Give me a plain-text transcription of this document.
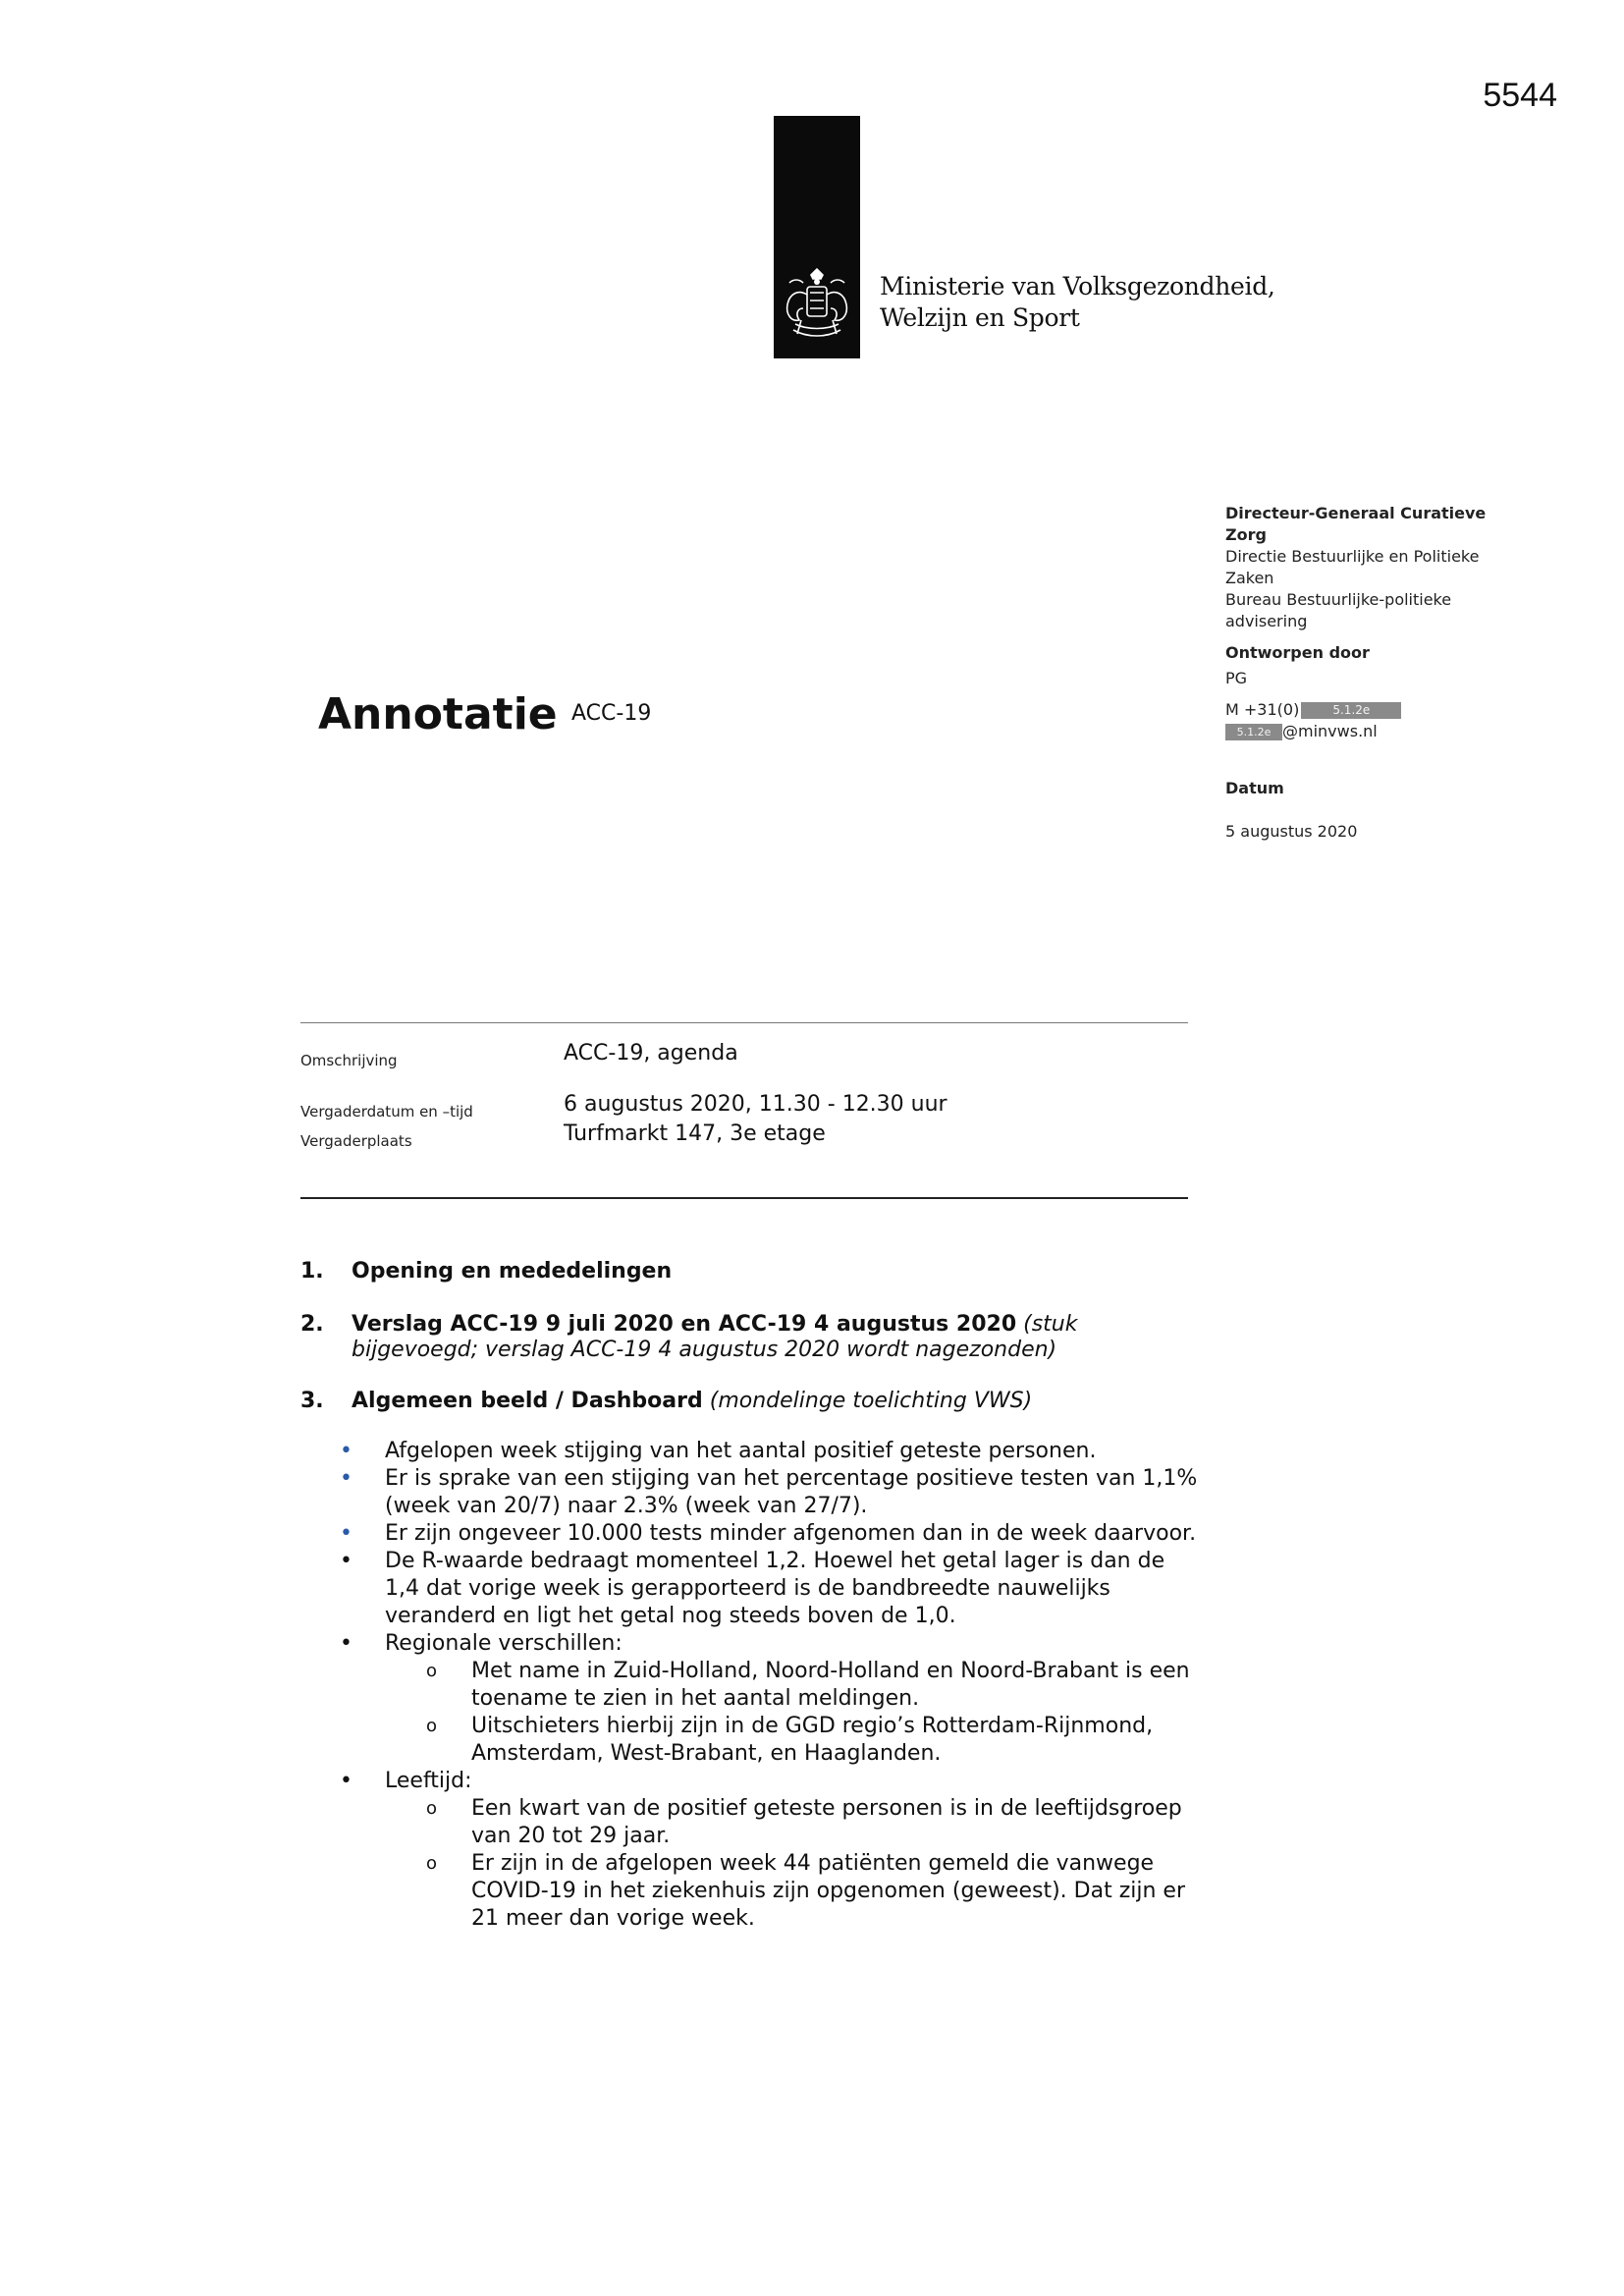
5544
Ministerie van Volksgezondheid,
Welzijn en Sport
Directeur-Generaal Curatieve
Zorg
Directie Bestuurlijke en Politieke
Zaken
Bureau Bestuurlijke-politieke
advisering
Ontworpen door
PG
M +31(0)	5.1.2e
5.1.2e @minvws.nl
Datum
5 augustus 2020
Annotatie ACC-19
Omschrijving	ACC-19, agenda
Vergaderdatum en –tijd	6 augustus 2020, 11.30 - 12.30 uur
Vergaderplaats	Turfmarkt 147, 3e etage
1. Opening en mededelingen
2. Verslag ACC-19 9 juli 2020 en ACC-19 4 augustus 2020 (stuk bijgevoegd; verslag ACC-19 4 augustus 2020 wordt nagezonden)
3. Algemeen beeld / Dashboard (mondelinge toelichting VWS)
•	Afgelopen week stijging van het aantal positief geteste personen.
•	Er is sprake van een stijging van het percentage positieve testen van 1,1% (week van 20/7) naar 2.3% (week van 27/7).
•	Er zijn ongeveer 10.000 tests minder afgenomen dan in de week daarvoor.
•	De R-waarde bedraagt momenteel 1,2. Hoewel het getal lager is dan de 1,4 dat vorige week is gerapporteerd is de bandbreedte nauwelijks veranderd en ligt het getal nog steeds boven de 1,0.
•	Regionale verschillen:
o Met name in Zuid-Holland, Noord-Holland en Noord-Brabant is een toename te zien in het aantal meldingen.
o Uitschieters hierbij zijn in de GGD regio’s Rotterdam-Rijnmond, Amsterdam, West-Brabant, en Haaglanden.
•	Leeftijd:
o Een kwart van de positief geteste personen is in de leeftijdsgroep van 20 tot 29 jaar.
o Er zijn in de afgelopen week 44 patiënten gemeld die vanwege COVID-19 in het ziekenhuis zijn opgenomen (geweest). Dat zijn er 21 meer dan vorige week.
